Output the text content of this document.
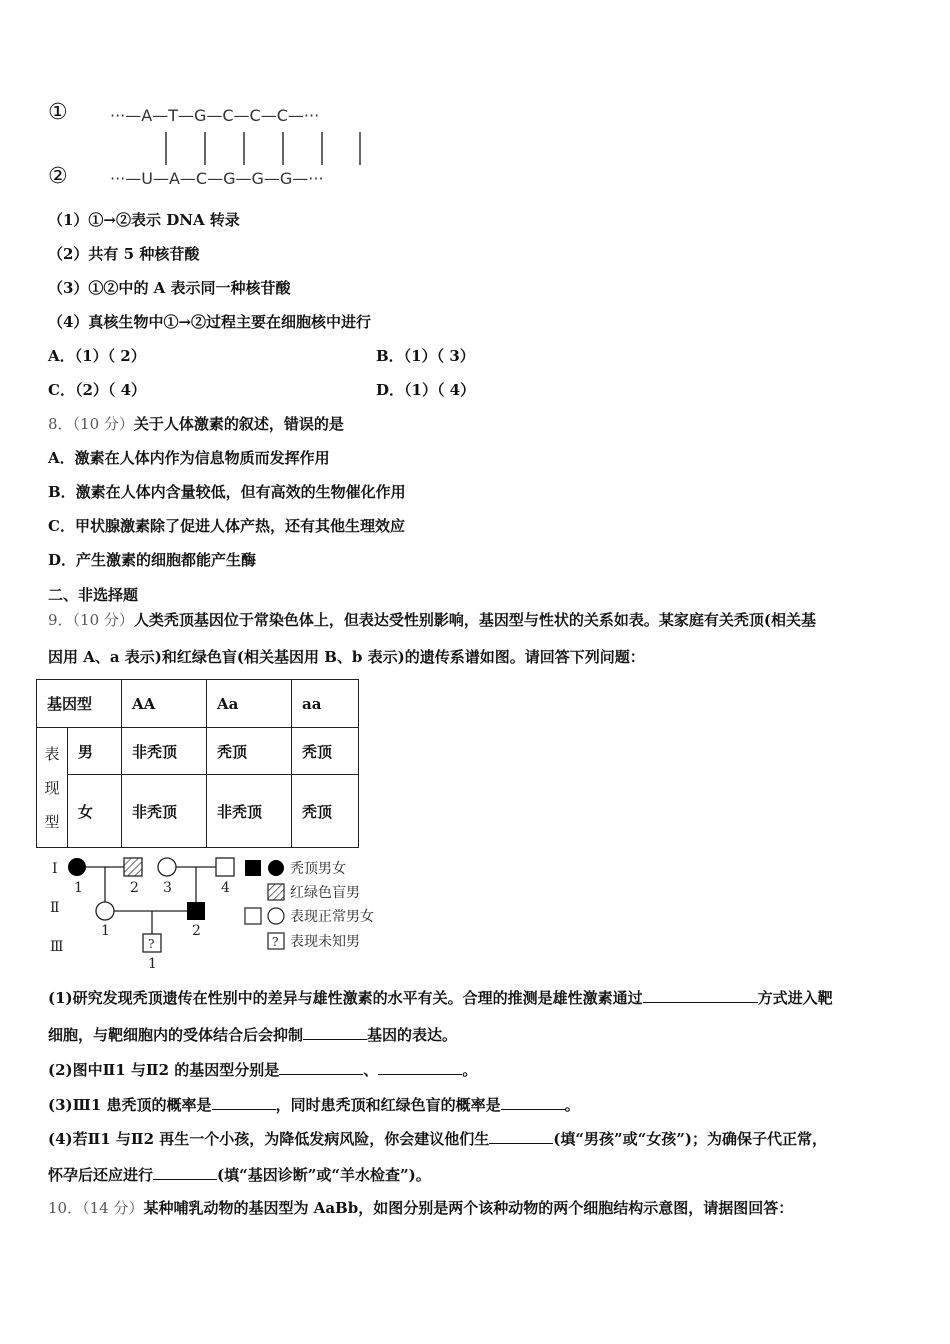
①
②
···—A—T—G—C—C—C—···
···—U—A—C—G—G—G—···
（1）①→②表示 DNA 转录
（2）共有 5 种核苷酸
（3）①②中的 A 表示同一种核苷酸
（4）真核生物中①→②过程主要在细胞核中进行
A．（1）（ 2）	B．（1）（ 3）
C．（2）（ 4）	D．（1）（ 4）
8．（10 分）关于人体激素的叙述，错误的是
A．激素在人体内作为信息物质而发挥作用
B．激素在人体内含量较低，但有高效的生物催化作用
C．甲状腺激素除了促进人体产热，还有其他生理效应
D．产生激素的细胞都能产生酶
二、非选择题
9．（10 分）人类秃顶基因位于常染色体上，但表达受性别影响，基因型与性状的关系如表。某家庭有关秃顶(相关基
因用 A、a 表示)和红绿色盲(相关基因用 B、b 表示)的遗传系谱如图。请回答下列问题：
基因型		AA	Aa	aa

表
现
型	男	非秃顶	秃顶	秃顶
	女	非秃顶	非秃顶	秃顶
Ⅰ
Ⅱ
Ⅲ
1	2 3	4
1	2
?
1
秃顶男女
红绿色盲男
表现正常男女
? 表现未知男
(1)研究发现秃顶遗传在性别中的差异与雄性激素的水平有关。合理的推测是雄性激素通过	方式进入靶
细胞，与靶细胞内的受体结合后会抑制	基因的表达。
(2)图中Ⅱ1 与Ⅱ2 的基因型分别是	、	。
(3)Ⅲ1 患秃顶的概率是	，同时患秃顶和红绿色盲的概率是	。
(4)若Ⅱ1 与Ⅱ2 再生一个小孩，为降低发病风险，你会建议他们生	(填“男孩”或“女孩”)；为确保子代正常，
怀孕后还应进行	(填“基因诊断”或“羊水检查”)。
10．（14 分）某种哺乳动物的基因型为 AaBb，如图分别是两个该种动物的两个细胞结构示意图，请据图回答：
